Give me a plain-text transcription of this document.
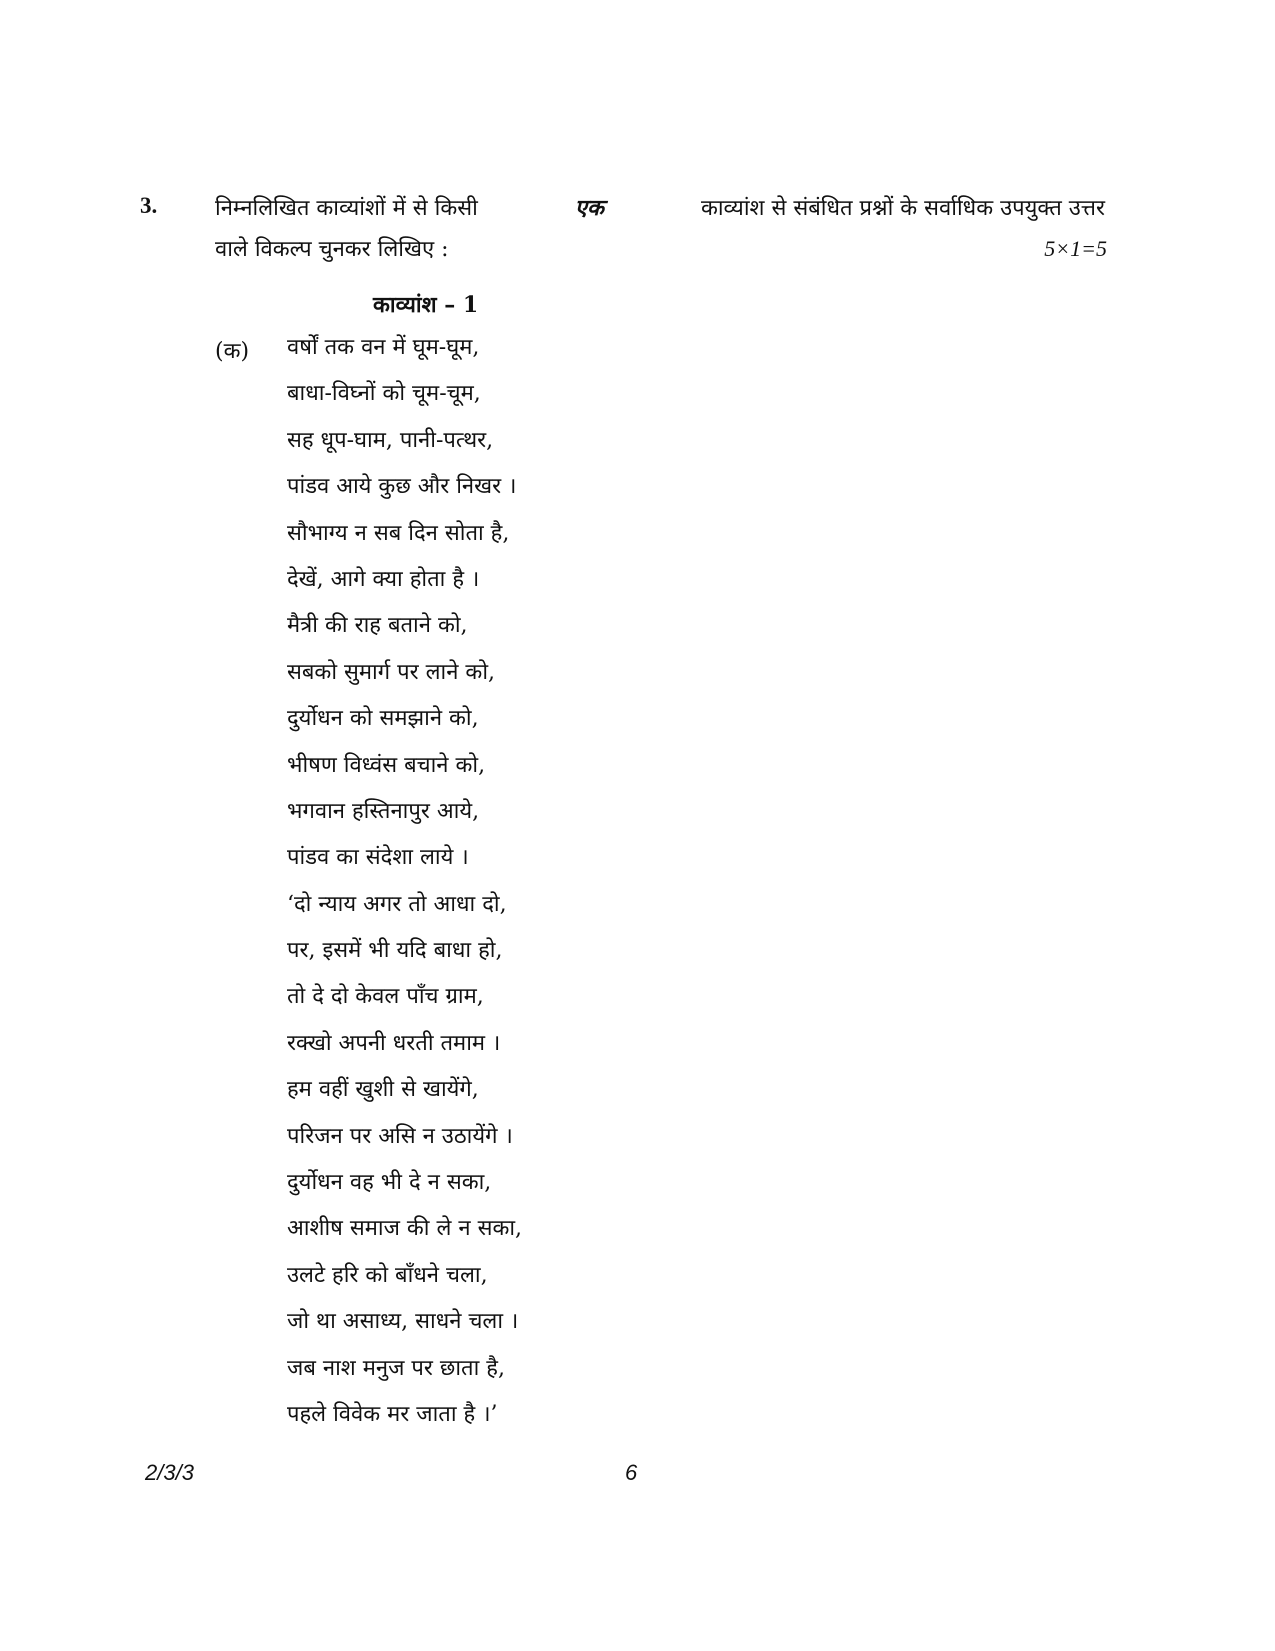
3.	निम्नलिखित काव्यांशों में से किसी	एक	काव्यांश से संबंधित प्रश्नों के सर्वाधिक उपयुक्त उत्तर
वाले विकल्प चुनकर लिखिए :	5×1=5
काव्यांश – 1
(क) वर्षों तक वन में घूम-घूम,
बाधा-विघ्नों को चूम-चूम,
सह धूप-घाम, पानी-पत्थर,
पांडव आये कुछ और निखर ।
सौभाग्य न सब दिन सोता है,
देखें, आगे क्या होता है ।
मैत्री की राह बताने को,
सबको सुमार्ग पर लाने को,
दुर्योधन को समझाने को,
भीषण विध्वंस बचाने को,
भगवान हस्तिनापुर आये,
पांडव का संदेशा लाये ।
‘दो न्याय अगर तो आधा दो,
पर, इसमें भी यदि बाधा हो,
तो दे दो केवल पाँच ग्राम,
रक्खो अपनी धरती तमाम ।
हम वहीं खुशी से खायेंगे,
परिजन पर असि न उठायेंगे ।
दुर्योधन वह भी दे न सका,
आशीष समाज की ले न सका,
उलटे हरि को बाँधने चला,
जो था असाध्य, साधने चला ।
जब नाश मनुज पर छाता है,
पहले विवेक मर जाता है ।’
2/3/3	6
